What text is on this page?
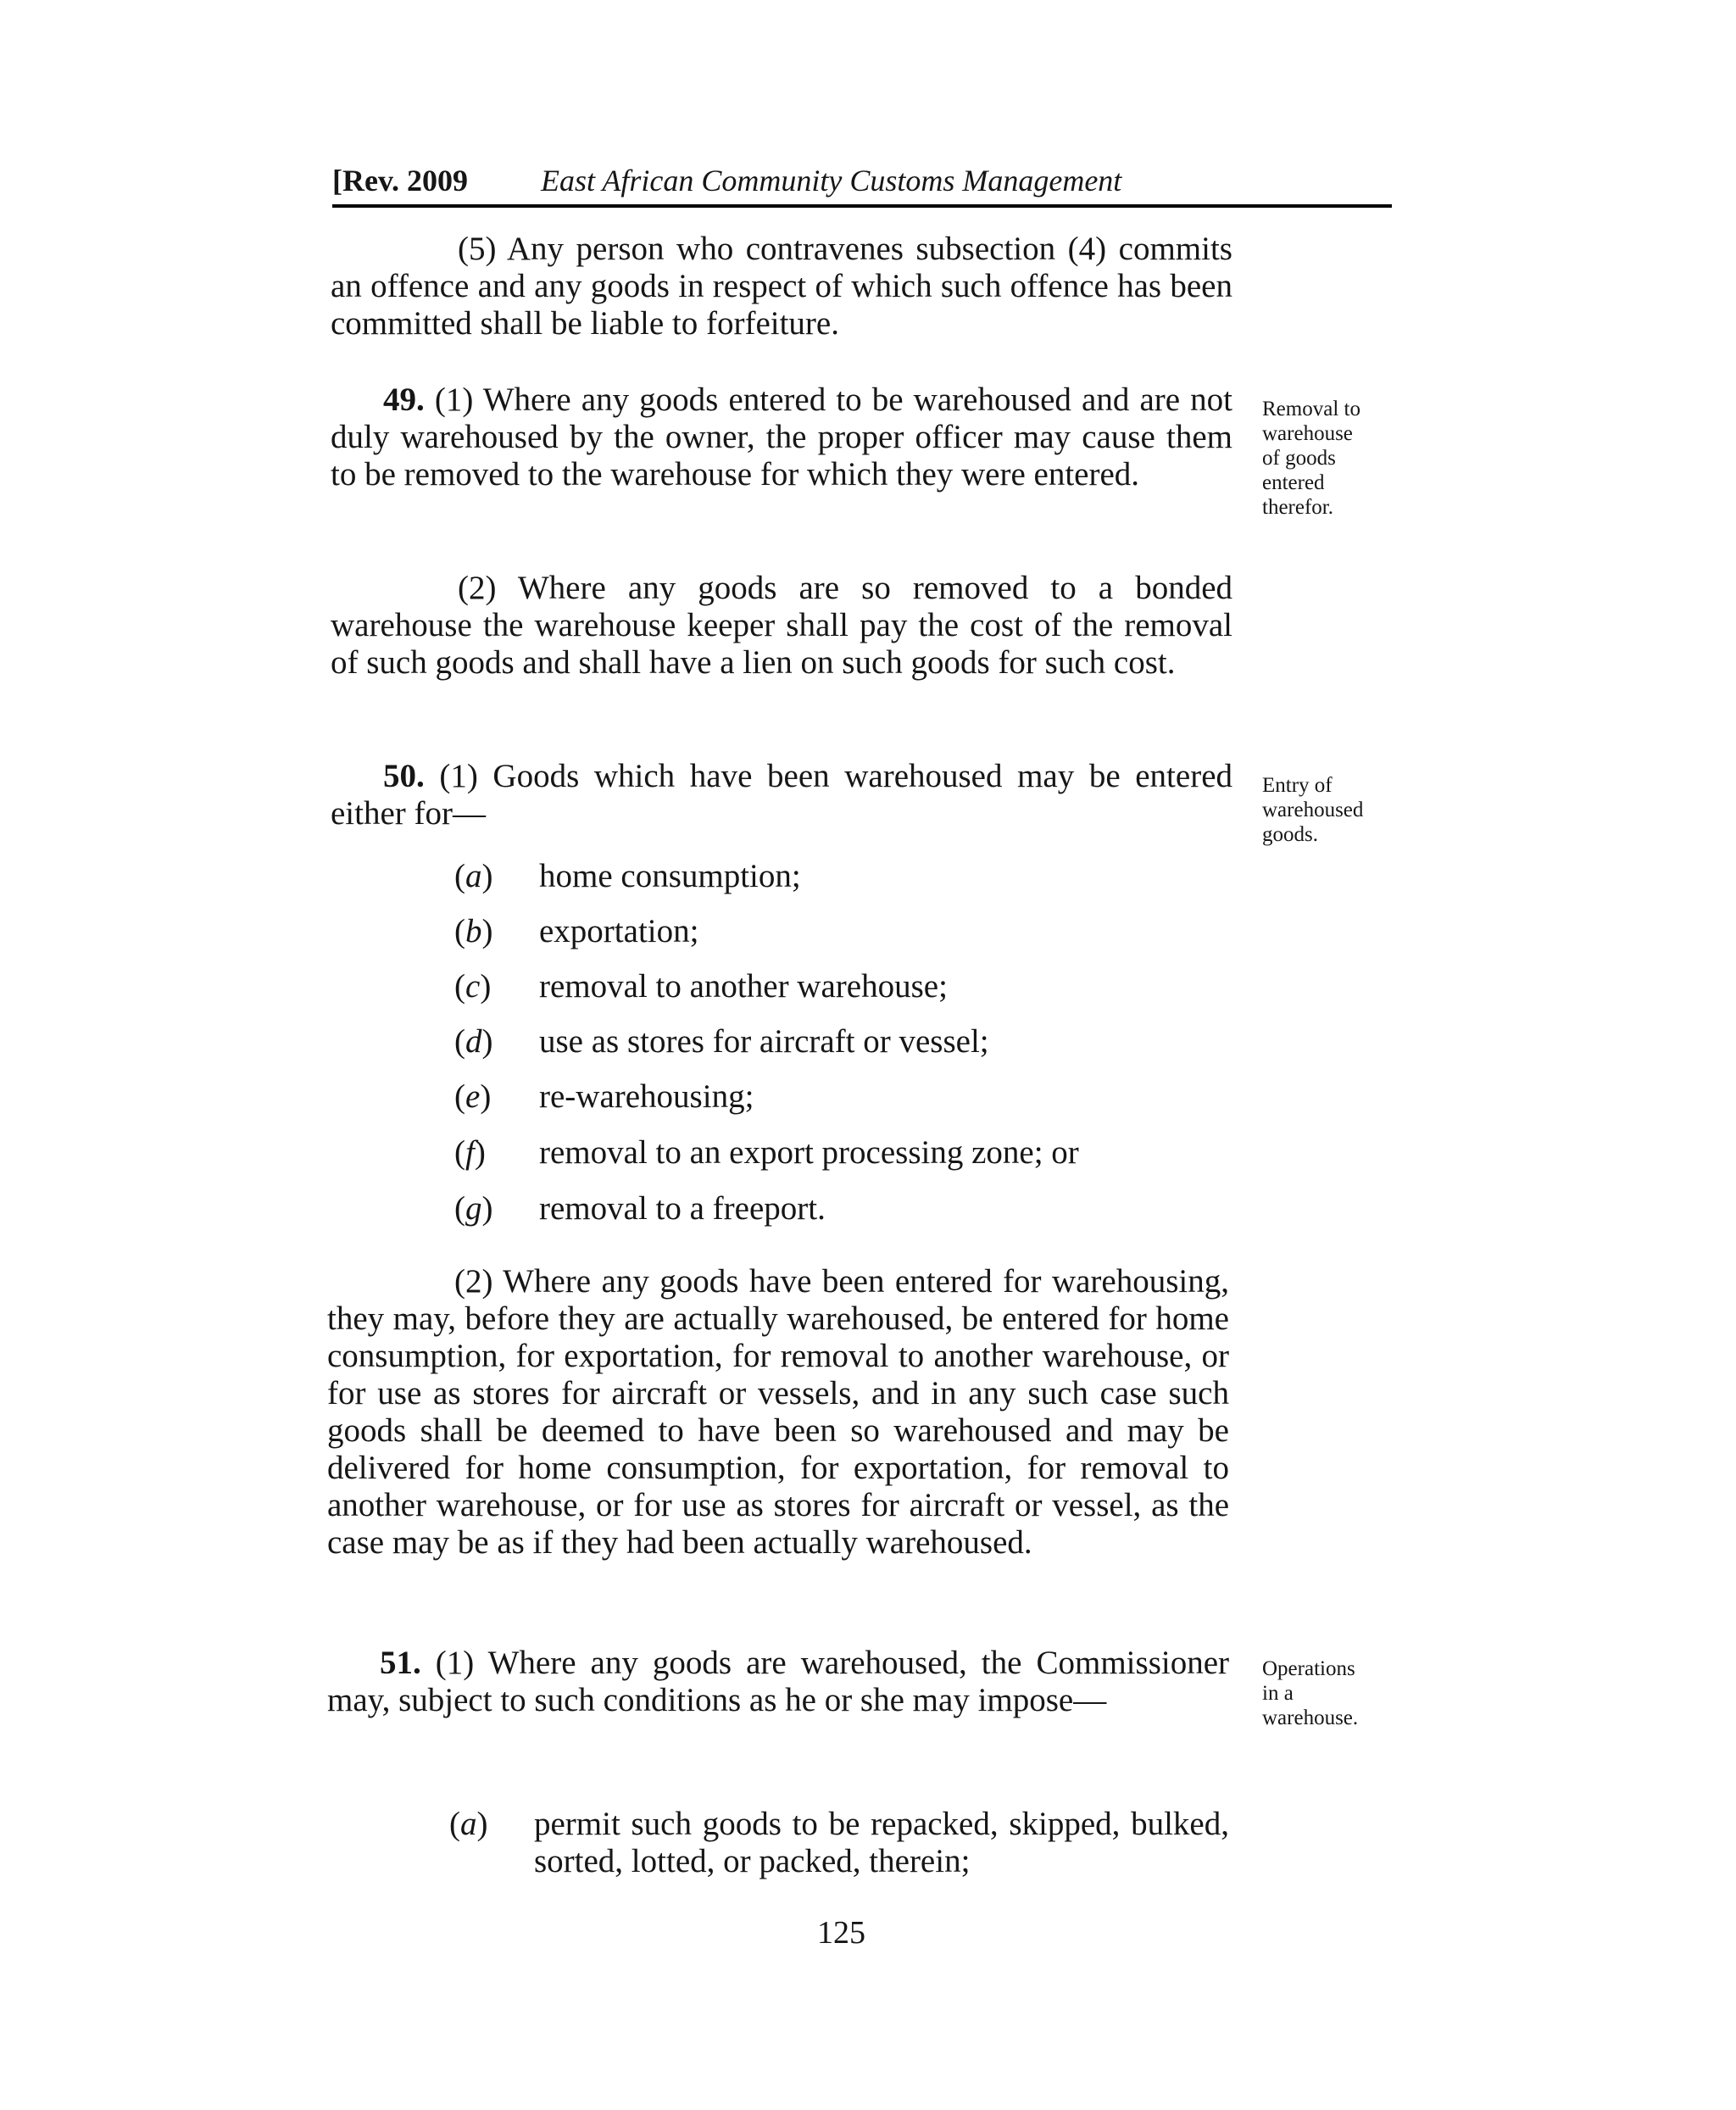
[Rev. 2009 East African Community Customs Management
(5) Any person who contravenes subsection (4) commits an offence and any goods in respect of which such offence has been committed shall be liable to forfeiture.
49. (1) Where any goods entered to be warehoused and are not duly warehoused by the owner, the proper officer may cause them to be removed to the warehouse for which they were entered.
Removal to
warehouse
of goods
entered
therefor.
(2) Where any goods are so removed to a bonded warehouse the warehouse keeper shall pay the cost of the removal of such goods and shall have a lien on such goods for such cost.
50. (1) Goods which have been warehoused may be entered either for—
Entry of
warehoused
goods.
(a)	home consumption;
(b)	exportation;
(c)	removal to another warehouse;
(d)	use as stores for aircraft or vessel;
(e)	re-warehousing;
(f)	removal to an export processing zone; or
(g)	removal to a freeport.
(2) Where any goods have been entered for warehousing, they may, before they are actually warehoused, be entered for home consumption, for exportation, for removal to another warehouse, or for use as stores for aircraft or vessels, and in any such case such goods shall be deemed to have been so warehoused and may be delivered for home consumption, for exportation, for removal to another warehouse, or for use as stores for aircraft or vessel, as the case may be as if they had been actually warehoused.
51. (1) Where any goods are warehoused, the Commissioner may, subject to such conditions as he or she may impose—
Operations
in a
warehouse.
(a) permit such goods to be repacked, skipped, bulked, sorted, lotted, or packed, therein;
125
